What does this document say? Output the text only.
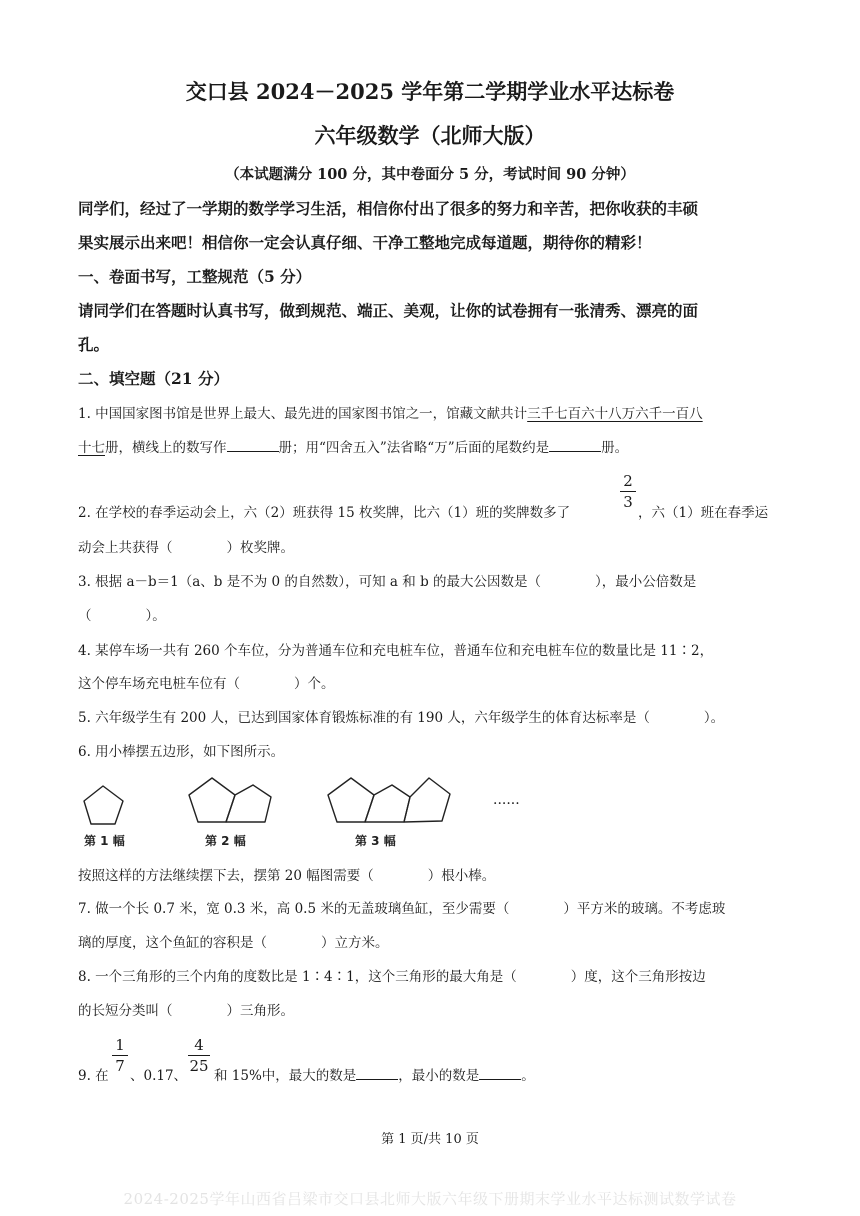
交口县 2024－2025 学年第二学期学业水平达标卷
六年级数学（北师大版）
（本试题满分 100 分，其中卷面分 5 分，考试时间 90 分钟）
同学们，经过了一学期的数学学习生活，相信你付出了很多的努力和辛苦，把你收获的丰硕
果实展示出来吧！相信你一定会认真仔细、干净工整地完成每道题，期待你的精彩！
一、卷面书写，工整规范（5 分）
请同学们在答题时认真书写，做到规范、端正、美观，让你的试卷拥有一张清秀、漂亮的面
孔。
二、填空题（21 分）
1. 中国国家图书馆是世界上最大、最先进的国家图书馆之一，馆藏文献共计三千七百六十八万六千一百八
十七册，横线上的数写作	册；用“四舍五入”法省略“万”后面的尾数约是	册。
2. 在学校的春季运动会上，六（2）班获得 15 枚奖牌，比六（1）班的奖牌数多了
2
3
，六（1）班在春季运
动会上共获得（　　　　）枚奖牌。
3. 根据 a－b＝1（a、b 是不为 0 的自然数），可知 a 和 b 的最大公因数是（　　　　），最小公倍数是
（　　　　）。
4. 某停车场一共有 260 个车位，分为普通车位和充电桩车位，普通车位和充电桩车位的数量比是 11∶2，
这个停车场充电桩车位有（　　　　）个。
5. 六年级学生有 200 人，已达到国家体育锻炼标准的有 190 人，六年级学生的体育达标率是（　　　　）。
6. 用小棒摆五边形，如下图所示。
······
第 1 幅	第 2 幅	第 3 幅
按照这样的方法继续摆下去，摆第 20 幅图需要（　　　　）根小棒。
7. 做一个长 0.7 米，宽 0.3 米，高 0.5 米的无盖玻璃鱼缸，至少需要（　　　　）平方米的玻璃。不考虑玻
璃的厚度，这个鱼缸的容积是（　　　　）立方米。
8. 一个三角形的三个内角的度数比是 1∶4∶1，这个三角形的最大角是（　　　　）度，这个三角形按边
的长短分类叫（　　　　）三角形。
9. 在
1
7
、0.17、
4
25
和 15%中，最大的数是	，最小的数是	。
第 1 页/共 10 页
2024-2025学年山西省吕梁市交口县北师大版六年级下册期末学业水平达标测试数学试卷
